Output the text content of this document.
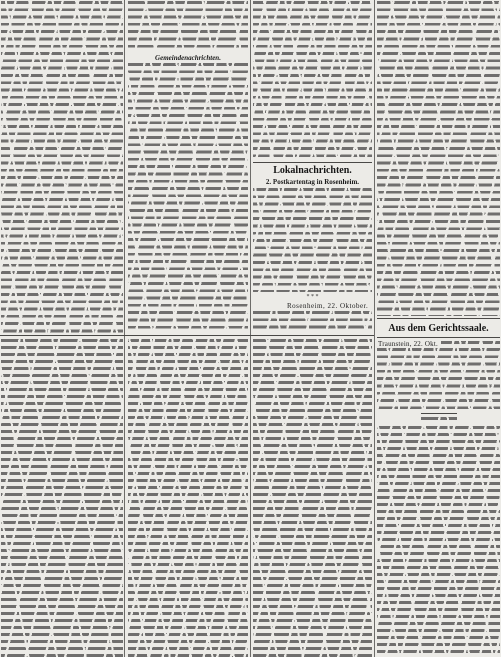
Gemeindenachrichten.
Lokalnachrichten.
2. Postkartentag in Rosenheim.
* * *
Rosenheim, 22. Oktober.
Aus dem Gerichtssaale.
Traunstein, 22. Okt.
